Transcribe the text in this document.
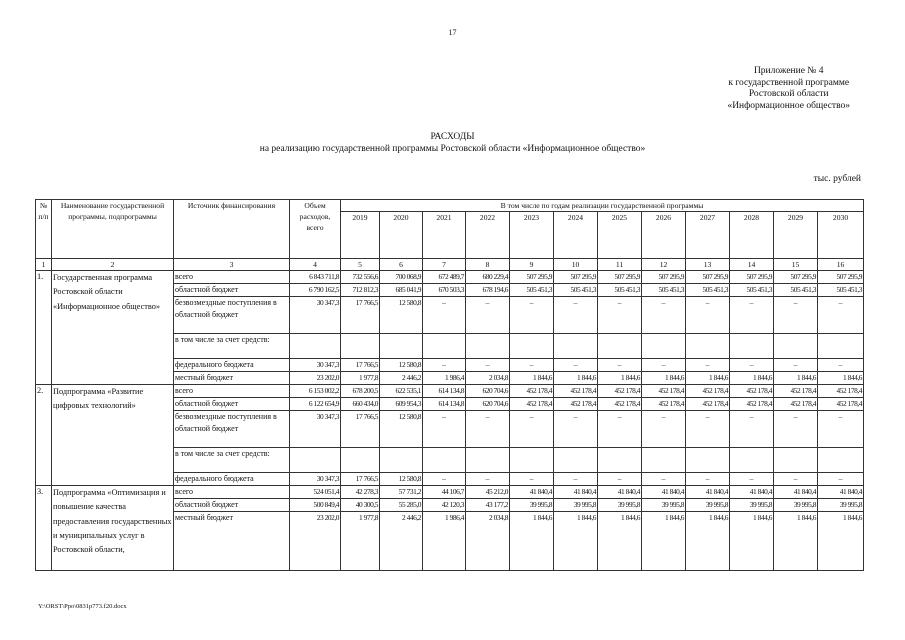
17
Приложение № 4
к государственной программе
Ростовской области
«Информационное общество»
РАСХОДЫ
на реализацию государственной программы Ростовской области «Информационное общество»
тыс. рублей
№ п/п	Наименование государственной программы, подпрограммы	Источник финансирования	Объем расходов, всего	В том числе по годам реализации государственной программы											
				2019	2020	2021	2022	2023	2024	2025	2026	2027	2028	2029	2030
1	2	3	4	5	6	7	8	9	10	11	12	13	14	15	16
1.	Государственная программа Ростовской области «Информационное общество»	всего	6 843 711,8	732 556,6	700 068,9	672 489,7	680 229,4	507 295,9	507 295,9	507 295,9	507 295,9	507 295,9	507 295,9	507 295,9	507 295,9
		областной бюджет	6 790 162,5	712 812,3	685 041,9	670 503,3	678 194,6	505 451,3	505 451,3	505 451,3	505 451,3	505 451,3	505 451,3	505 451,3	505 451,3
		безвозмездные поступления в областной бюджет	30 347,3	17 766,5	12 580,8	–	–	–	–	–	–	–	–	–	–
		в том числе за счет средств:													
		федерального бюджета	30 347,3	17 766,5	12 580,8	–	–	–	–	–	–	–	–	–	–
		местный бюджет	23 202,0	1 977,8	2 446,2	1 986,4	2 034,8	1 844,6	1 844,6	1 844,6	1 844,6	1 844,6	1 844,6	1 844,6	1 844,6
2.	Подпрограмма «Развитие цифровых технологий»	всего	6 153 002,2	678 200,5	622 535,1	614 134,8	620 704,6	452 178,4	452 178,4	452 178,4	452 178,4	452 178,4	452 178,4	452 178,4	452 178,4
		областной бюджет	6 122 654,9	660 434,0	609 954,3	614 134,8	620 704,6	452 178,4	452 178,4	452 178,4	452 178,4	452 178,4	452 178,4	452 178,4	452 178,4
		безвозмездные поступления в областной бюджет	30 347,3	17 766,5	12 580,8	–	–	–	–	–	–	–	–	–	–
		в том числе за счет средств:													
		федерального бюджета	30 347,3	17 766,5	12 580,8	–	–	–	–	–	–	–	–	–	–
3.	Подпрограмма «Оптимизация и повышение качества предоставления государственных и муниципальных услуг в Ростовской области,	всего	524 051,4	42 278,3	57 731,2	44 106,7	45 212,0	41 840,4	41 840,4	41 840,4	41 840,4	41 840,4	41 840,4	41 840,4	41 840,4
		областной бюджет	500 849,4	40 300,5	55 285,0	42 120,3	43 177,2	39 995,8	39 995,8	39 995,8	39 995,8	39 995,8	39 995,8	39 995,8	39 995,8
		местный бюджет	23 202,0	1 977,8	2 446,2	1 986,4	2 034,8	1 844,6	1 844,6	1 844,6	1 844,6	1 844,6	1 844,6	1 844,6	1 844,6
Y:\ORST\Ppo\0831p773.f20.docx
